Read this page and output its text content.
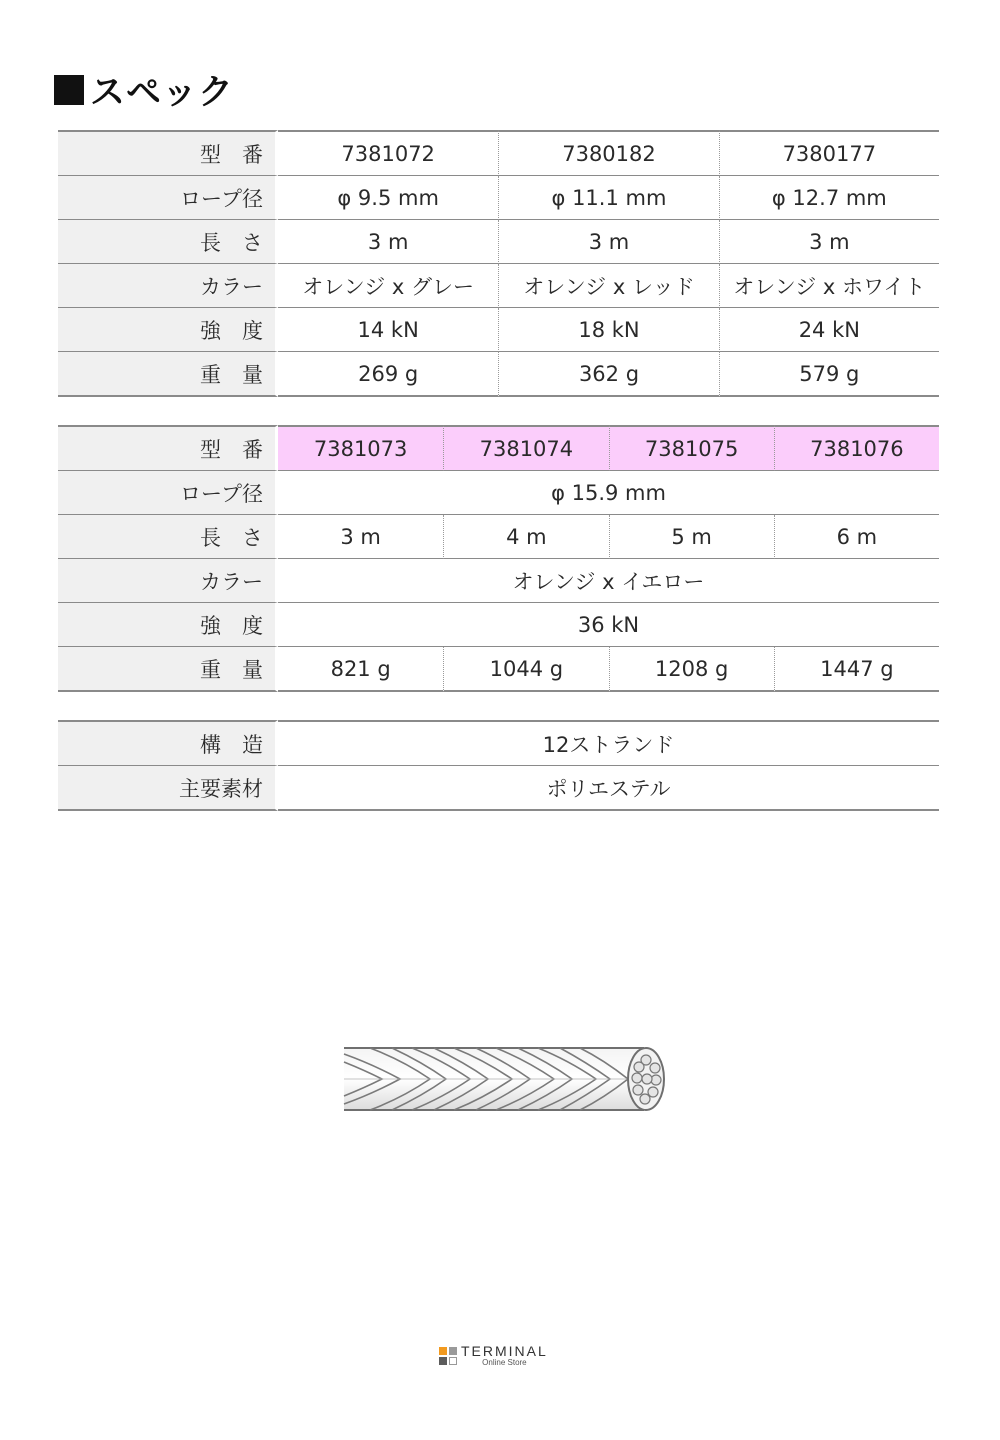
スペック
型　番	7381072	7380182	7380177
ロープ径	φ 9.5 mm	φ 11.1 mm	φ 12.7 mm
長　さ	3 m	3 m	3 m
カラー	オレンジ x グレー	オレンジ x レッド	オレンジ x ホワイト
強　度	14 kN	18 kN	24 kN
重　量	269 g	362 g	579 g
型　番	7381073	7381074	7381075	7381076
ロープ径	φ 15.9 mm			
長　さ	3 m	4 m	5 m	6 m
カラー	オレンジ x イエロー			
強　度	36 kN			
重　量	821 g	1044 g	1208 g	1447 g
構　造	12ストランド
主要素材	ポリエステル
TERMINAL
Online Store
